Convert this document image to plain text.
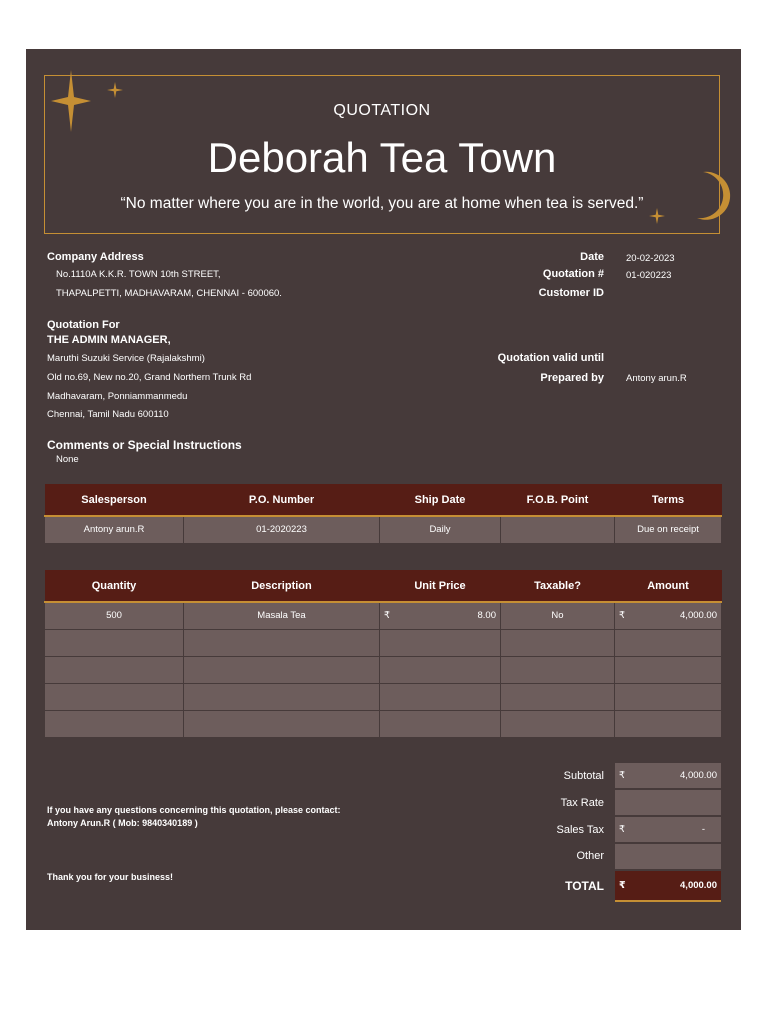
QUOTATION
Deborah Tea Town
“No matter where you are in the world, you are at home when tea is served.”
Company Address
No.1110A K.K.R. TOWN 10th STREET,
THAPALPETTI, MADHAVARAM, CHENNAI - 600060.
Date 20-02-2023
Quotation # 01-020223
Customer ID
Quotation For
THE ADMIN MANAGER,
Maruthi Suzuki Service (Rajalakshmi)
Old no.69, New no.20, Grand Northern Trunk Rd
Madhavaram, Ponniammanmedu
Chennai, Tamil Nadu 600110
Quotation valid until
Prepared by Antony arun.R
Comments or Special Instructions
None
Salesperson	P.O. Number	Ship Date	F.O.B. Point	Terms
Antony arun.R	01-2020223	Daily		Due on receipt
Quantity	Description	Unit Price	Taxable?	Amount
500	Masala Tea	₹ 8.00	No	₹ 4,000.00

Subtotal ₹	4,000.00
Tax Rate
Sales Tax ₹	-
Other
TOTAL ₹	4,000.00
If you have any questions concerning this quotation, please contact:
Antony Arun.R ( Mob: 9840340189 )
Thank you for your business!
